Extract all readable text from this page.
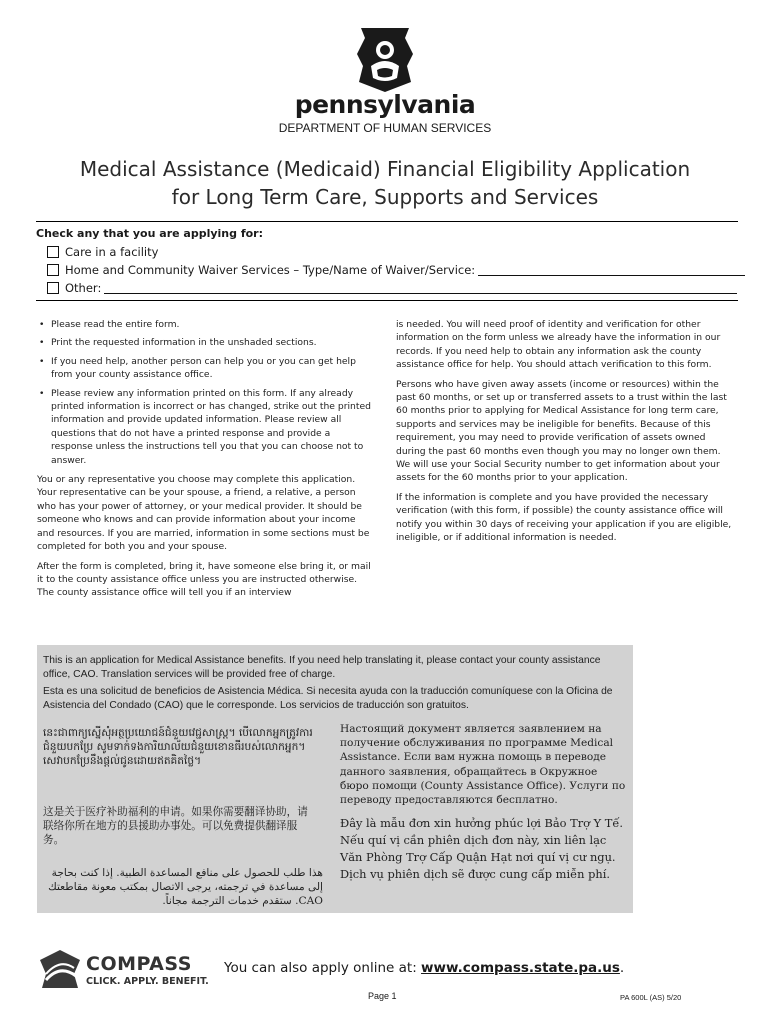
pennsylvania
DEPARTMENT OF HUMAN SERVICES
Medical Assistance (Medicaid) Financial Eligibility Application
for Long Term Care, Supports and Services
Check any that you are applying for:
Care in a facility
Home and Community Waiver Services – Type/Name of Waiver/Service:
Other:
• Please read the entire form.
• Print the requested information in the unshaded sections.
• If you need help, another person can help you or you can get help from your county assistance office.
• Please review any information printed on this form. If any already printed information is incorrect or has changed, strike out the printed information and provide updated information. Please review all questions that do not have a printed response and provide a response unless the instructions tell you that you can choose not to answer.

You or any representative you choose may complete this application. Your representative can be your spouse, a friend, a relative, a person who has your power of attorney, or your medical provider. It should be someone who knows and can provide information about your income and resources. If you are married, information in some sections must be completed for both you and your spouse.

After the form is completed, bring it, have someone else bring it, or mail it to the county assistance office unless you are instructed otherwise. The county assistance office will tell you if an interview

is needed. You will need proof of identity and verification for other information on the form unless we already have the information in our records. If you need help to obtain any information ask the county assistance office for help. You should attach verification to this form.

Persons who have given away assets (income or resources) within the past 60 months, or set up or transferred assets to a trust within the last 60 months prior to applying for Medical Assistance for long term care, supports and services may be ineligible for benefits. Because of this requirement, you may need to provide verification of assets owned during the past 60 months even though you may no longer own them. We will use your Social Security number to get information about your assets for the 60 months prior to your application.

If the information is complete and you have provided the necessary verification (with this form, if possible) the county assistance office will notify you within 30 days of receiving your application if you are eligible, ineligible, or if additional information is needed.

This is an application for Medical Assistance benefits. If you need help translating it, please contact your county assistance office, CAO. Translation services will be provided free of charge.
Esta es una solicitud de beneficios de Asistencia Médica. Si necesita ayuda con la traducción comuníquese con la Oficina de Asistencia del Condado (CAO) que le corresponde. Los servicios de traducción son gratuitos.
នេះជាពាក្យស្នើសុំអត្ថប្រយោជន៍ជំនួយវេជ្ជសាស្ត្រ។ បើលោកអ្នកត្រូវការជំនួយបកប្រែ សូមទាក់ទងការិយាល័យជំនួយខោនធីរបស់លោកអ្នក។ សេវាបកប្រែនឹងផ្តល់ជូនដោយឥតគិតថ្លៃ។
这是关于医疗补助福利的申请。如果你需要翻译协助，请联络你所在地方的县援助办事处。可以免费提供翻译服务。
هذا طلب للحصول على منافع المساعدة الطبية. إذا كنت بحاجة إلى مساعدة في ترجمته، يرجى الاتصال بمكتب معونة مقاطعتك CAO. ستقدم خدمات الترجمة مجاناً.
Настоящий документ является заявлением на получение обслуживания по программе Medical Assistance. Если вам нужна помощь в переводе данного заявления, обращайтесь в Окружное бюро помощи (County Assistance Office). Услуги по переводу предоставляются бесплатно.
Đây là mẫu đơn xin hưởng phúc lợi Bảo Trợ Y Tế. Nếu quí vị cần phiên dịch đơn này, xin liên lạc Văn Phòng Trợ Cấp Quận Hạt nơi quí vị cư ngụ. Dịch vụ phiên dịch sẽ được cung cấp miễn phí.
COMPASS
CLICK. APPLY. BENEFIT.
You can also apply online at: www.compass.state.pa.us.
Page 1	PA 600L (AS) 5/20
